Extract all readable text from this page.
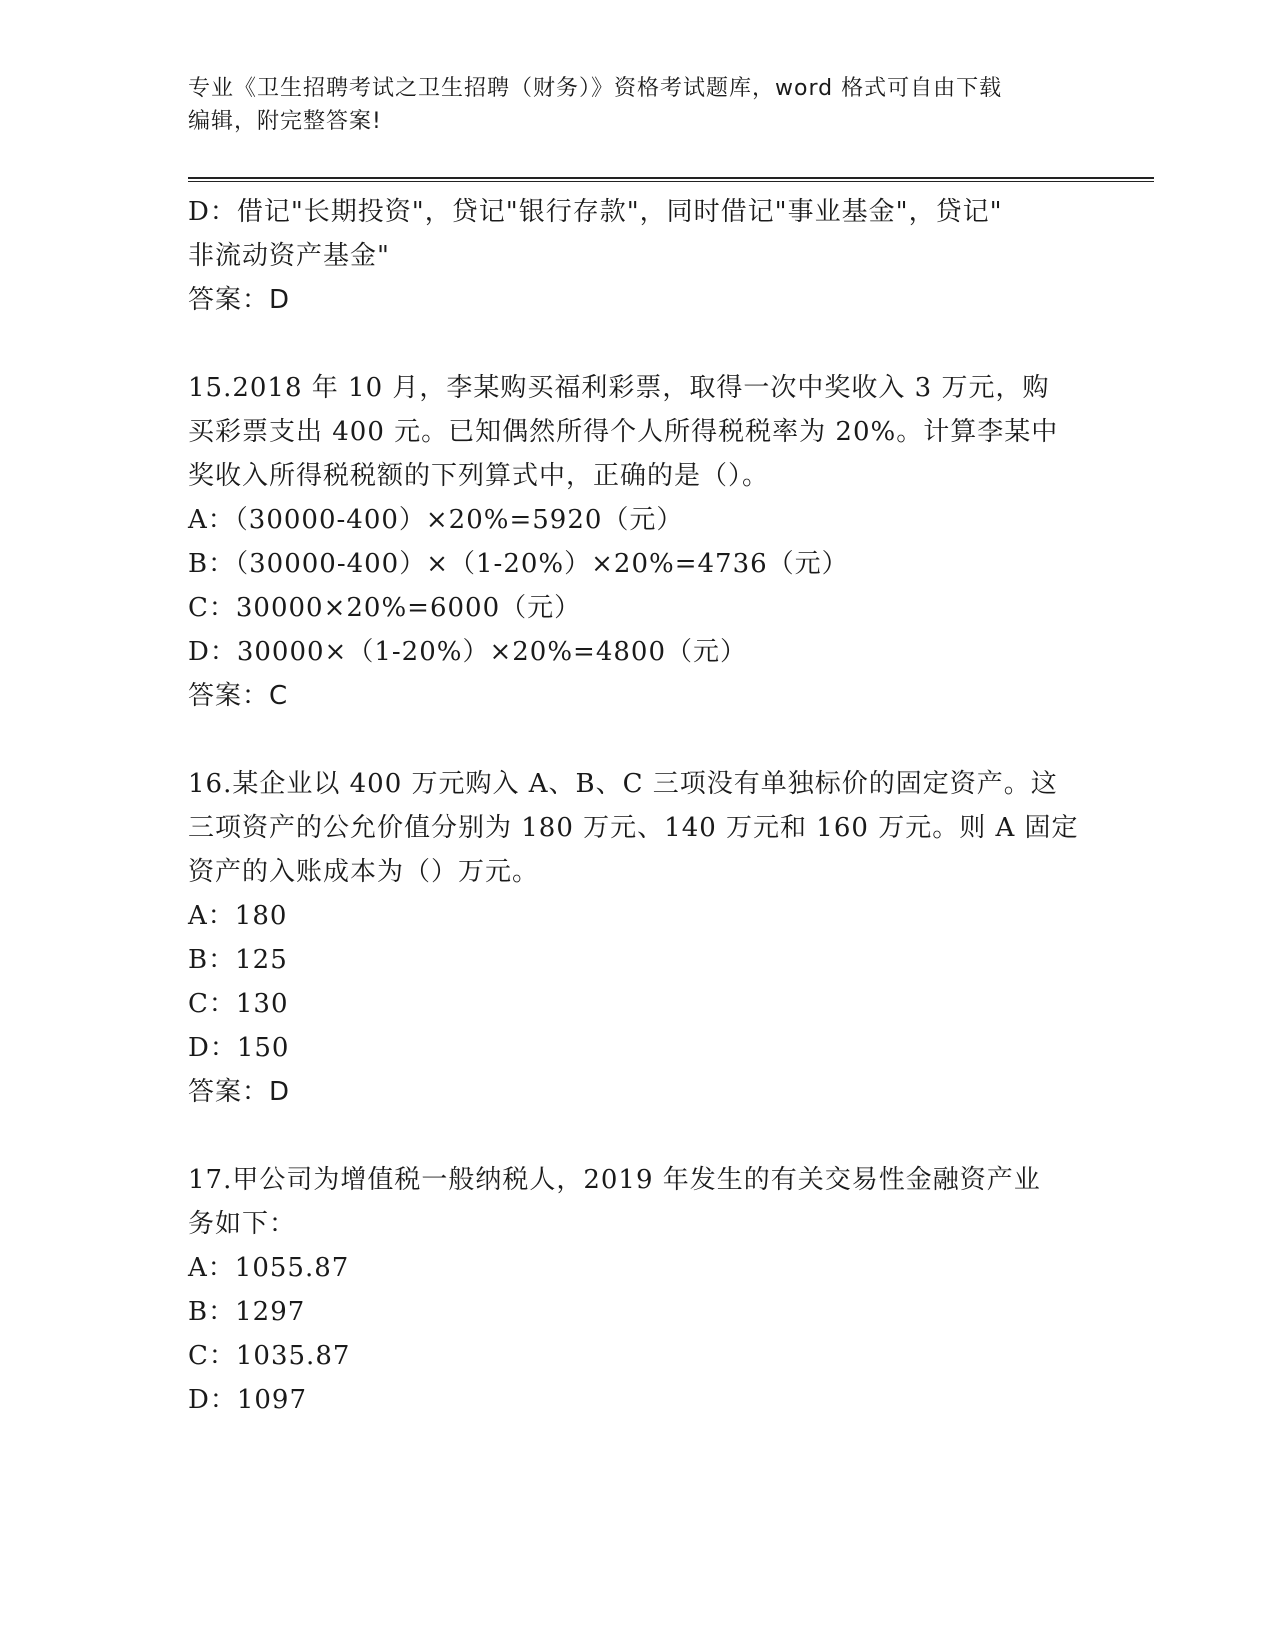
专业《卫生招聘考试之卫生招聘（财务）》资格考试题库，word 格式可自由下载
编辑，附完整答案!
D：借记"长期投资"，贷记"银行存款"，同时借记"事业基金"，贷记"
非流动资产基金"
答案：D
15.2018 年 10 月，李某购买福利彩票，取得一次中奖收入 3 万元，购
买彩票支出 400 元。已知偶然所得个人所得税税率为 20%。计算李某中
奖收入所得税税额的下列算式中，正确的是（）。
A：（30000-400）×20%=5920（元）
B：（30000-400）×（1-20%）×20%=4736（元）
C：30000×20%=6000（元）
D：30000×（1-20%）×20%=4800（元）
答案：C
16.某企业以 400 万元购入 A、B、C 三项没有单独标价的固定资产。这
三项资产的公允价值分别为 180 万元、140 万元和 160 万元。则 A 固定
资产的入账成本为（）万元。
A：180
B：125
C：130
D：150
答案：D
17.甲公司为增值税一般纳税人，2019 年发生的有关交易性金融资产业
务如下：
A：1055.87
B：1297
C：1035.87
D：1097
